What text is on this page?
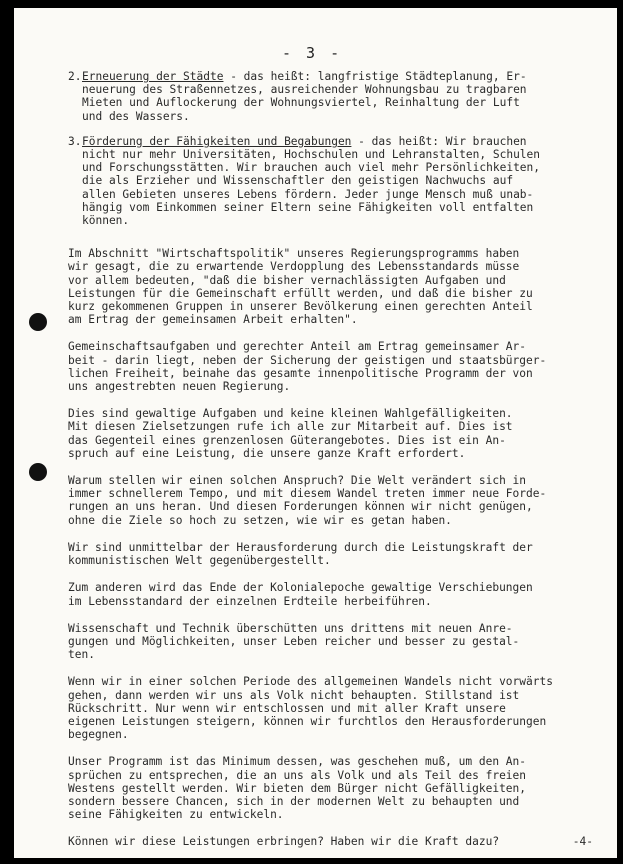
- 3 -
2. Erneuerung der Städte - das heißt: langfristige Städteplanung, Er-
neuerung des Straßennetzes, ausreichender Wohnungsbau zu tragbaren
Mieten und Auflockerung der Wohnungsviertel, Reinhaltung der Luft
und des Wassers.
3. Förderung der Fähigkeiten und Begabungen - das heißt: Wir brauchen
nicht nur mehr Universitäten, Hochschulen und Lehranstalten, Schulen
und Forschungsstätten. Wir brauchen auch viel mehr Persönlichkeiten,
die als Erzieher und Wissenschaftler den geistigen Nachwuchs auf
allen Gebieten unseres Lebens fördern. Jeder junge Mensch muß unab-
hängig vom Einkommen seiner Eltern seine Fähigkeiten voll entfalten
können.
Im Abschnitt "Wirtschaftspolitik" unseres Regierungsprogramms haben
wir gesagt, die zu erwartende Verdopplung des Lebensstandards müsse
vor allem bedeuten, "daß die bisher vernachlässigten Aufgaben und
Leistungen für die Gemeinschaft erfüllt werden, und daß die bisher zu
kurz gekommenen Gruppen in unserer Bevölkerung einen gerechten Anteil
am Ertrag der gemeinsamen Arbeit erhalten".
Gemeinschaftsaufgaben und gerechter Anteil am Ertrag gemeinsamer Ar-
beit - darin liegt, neben der Sicherung der geistigen und staatsbürger-
lichen Freiheit, beinahe das gesamte innenpolitische Programm der von
uns angestrebten neuen Regierung.
Dies sind gewaltige Aufgaben und keine kleinen Wahlgefälligkeiten.
Mit diesen Zielsetzungen rufe ich alle zur Mitarbeit auf. Dies ist
das Gegenteil eines grenzenlosen Güterangebotes. Dies ist ein An-
spruch auf eine Leistung, die unsere ganze Kraft erfordert.
Warum stellen wir einen solchen Anspruch? Die Welt verändert sich in
immer schnellerem Tempo, und mit diesem Wandel treten immer neue Forde-
rungen an uns heran. Und diesen Forderungen können wir nicht genügen,
ohne die Ziele so hoch zu setzen, wie wir es getan haben.
Wir sind unmittelbar der Herausforderung durch die Leistungskraft der
kommunistischen Welt gegenübergestellt.
Zum anderen wird das Ende der Kolonialepoche gewaltige Verschiebungen
im Lebensstandard der einzelnen Erdteile herbeiführen.
Wissenschaft und Technik überschütten uns drittens mit neuen Anre-
gungen und Möglichkeiten, unser Leben reicher und besser zu gestal-
ten.
Wenn wir in einer solchen Periode des allgemeinen Wandels nicht vorwärts
gehen, dann werden wir uns als Volk nicht behaupten. Stillstand ist
Rückschritt. Nur wenn wir entschlossen und mit aller Kraft unsere
eigenen Leistungen steigern, können wir furchtlos den Herausforderungen
begegnen.
Unser Programm ist das Minimum dessen, was geschehen muß, um den An-
sprüchen zu entsprechen, die an uns als Volk und als Teil des freien
Westens gestellt werden. Wir bieten dem Bürger nicht Gefälligkeiten,
sondern bessere Chancen, sich in der modernen Welt zu behaupten und
seine Fähigkeiten zu entwickeln.
Können wir diese Leistungen erbringen? Haben wir die Kraft dazu?	-4-
